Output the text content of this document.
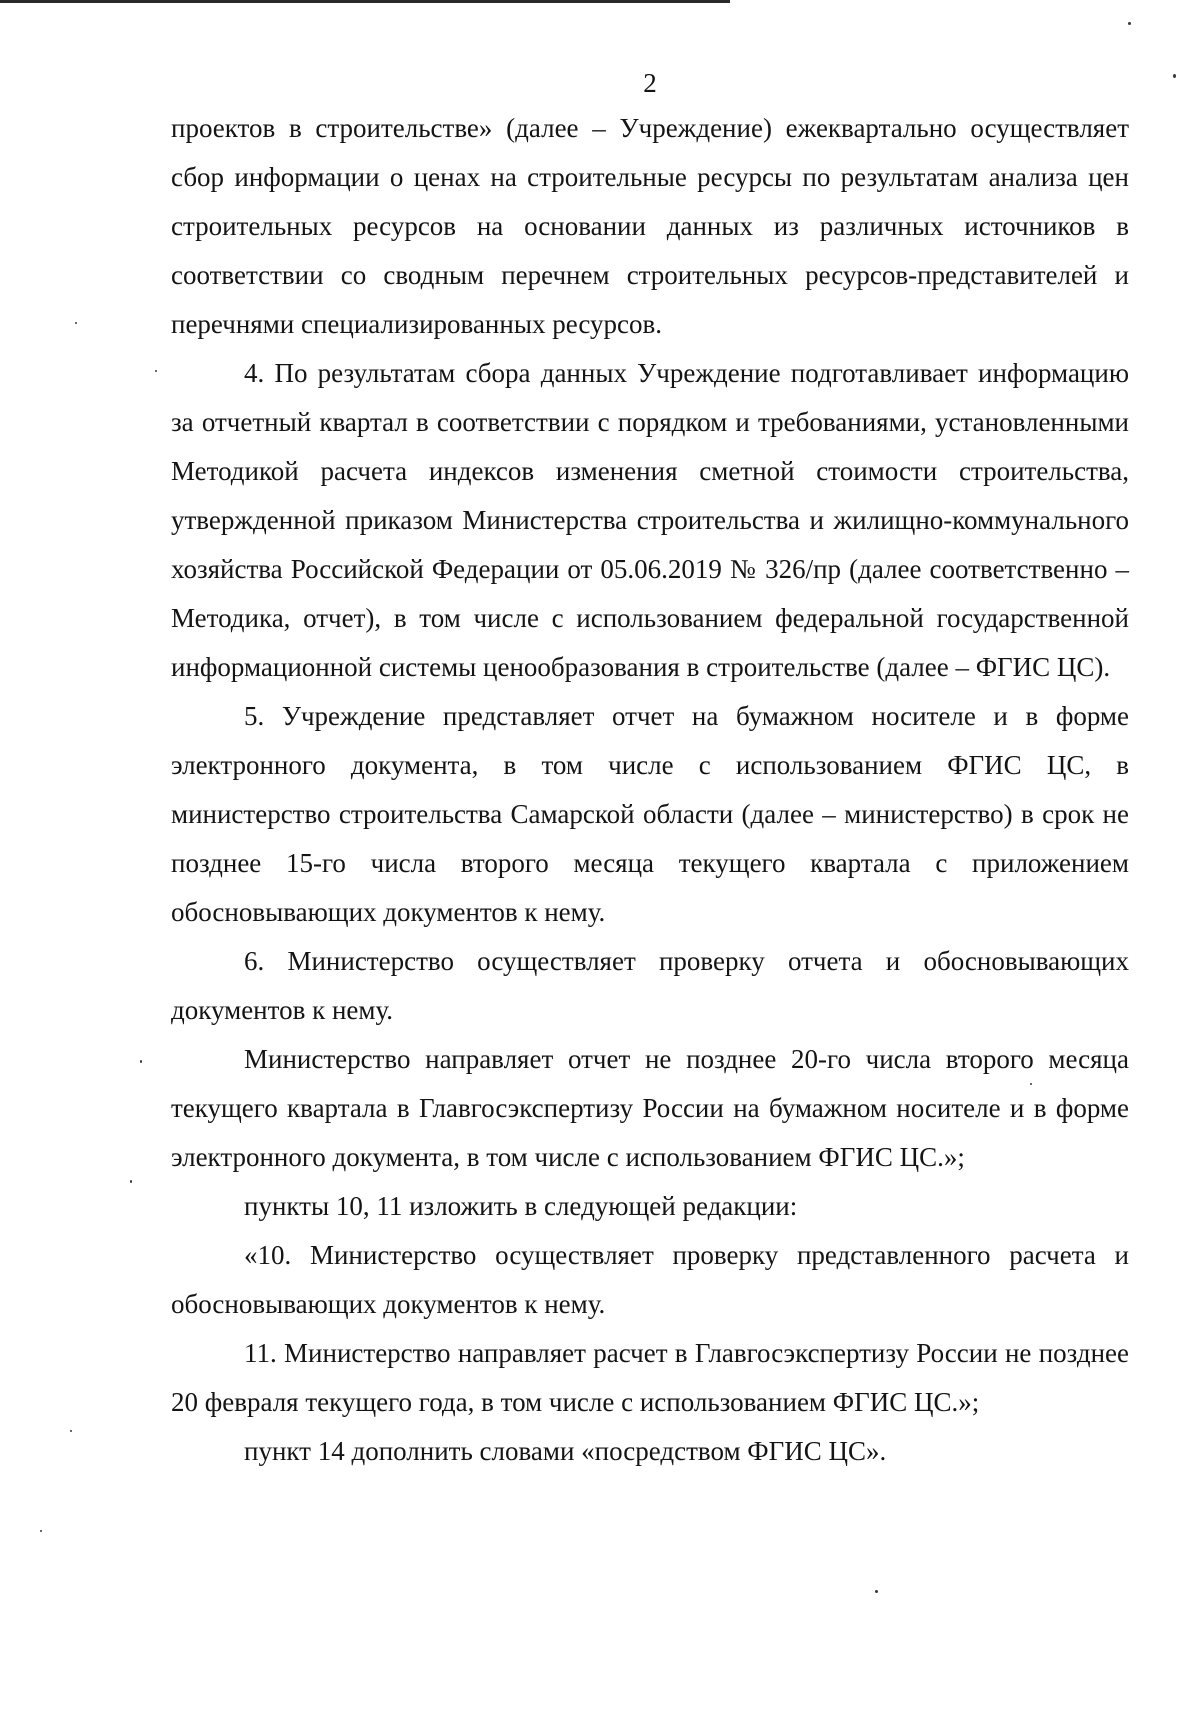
2

проектов в строительстве» (далее – Учреждение) ежеквартально осуществляет сбор информации о ценах на строительные ресурсы по результатам анализа цен строительных ресурсов на основании данных из различных источников в соответствии со сводным перечнем строительных ресурсов-представителей и перечнями специализированных ресурсов.

4. По результатам сбора данных Учреждение подготавливает информацию за отчетный квартал в соответствии с порядком и требованиями, установленными Методикой расчета индексов изменения сметной стоимости строительства, утвержденной приказом Министерства строительства и жилищно-коммунального хозяйства Российской Федерации от 05.06.2019 № 326/пр (далее соответственно – Методика, отчет), в том числе с использованием федеральной государственной информационной системы ценообразования в строительстве (далее – ФГИС ЦС).

5. Учреждение представляет отчет на бумажном носителе и в форме электронного документа, в том числе с использованием ФГИС ЦС, в министерство строительства Самарской области (далее – министерство) в срок не позднее 15-го числа второго месяца текущего квартала с приложением обосновывающих документов к нему.

6. Министерство осуществляет проверку отчета и обосновывающих документов к нему.

Министерство направляет отчет не позднее 20-го числа второго месяца текущего квартала в Главгосэкспертизу России на бумажном носителе и в форме электронного документа, в том числе с использованием ФГИС ЦС.»;

пункты 10, 11 изложить в следующей редакции:

«10. Министерство осуществляет проверку представленного расчета и обосновывающих документов к нему.

11. Министерство направляет расчет в Главгосэкспертизу России не позднее 20 февраля текущего года, в том числе с использованием ФГИС ЦС.»;

пункт 14 дополнить словами «посредством ФГИС ЦС».
